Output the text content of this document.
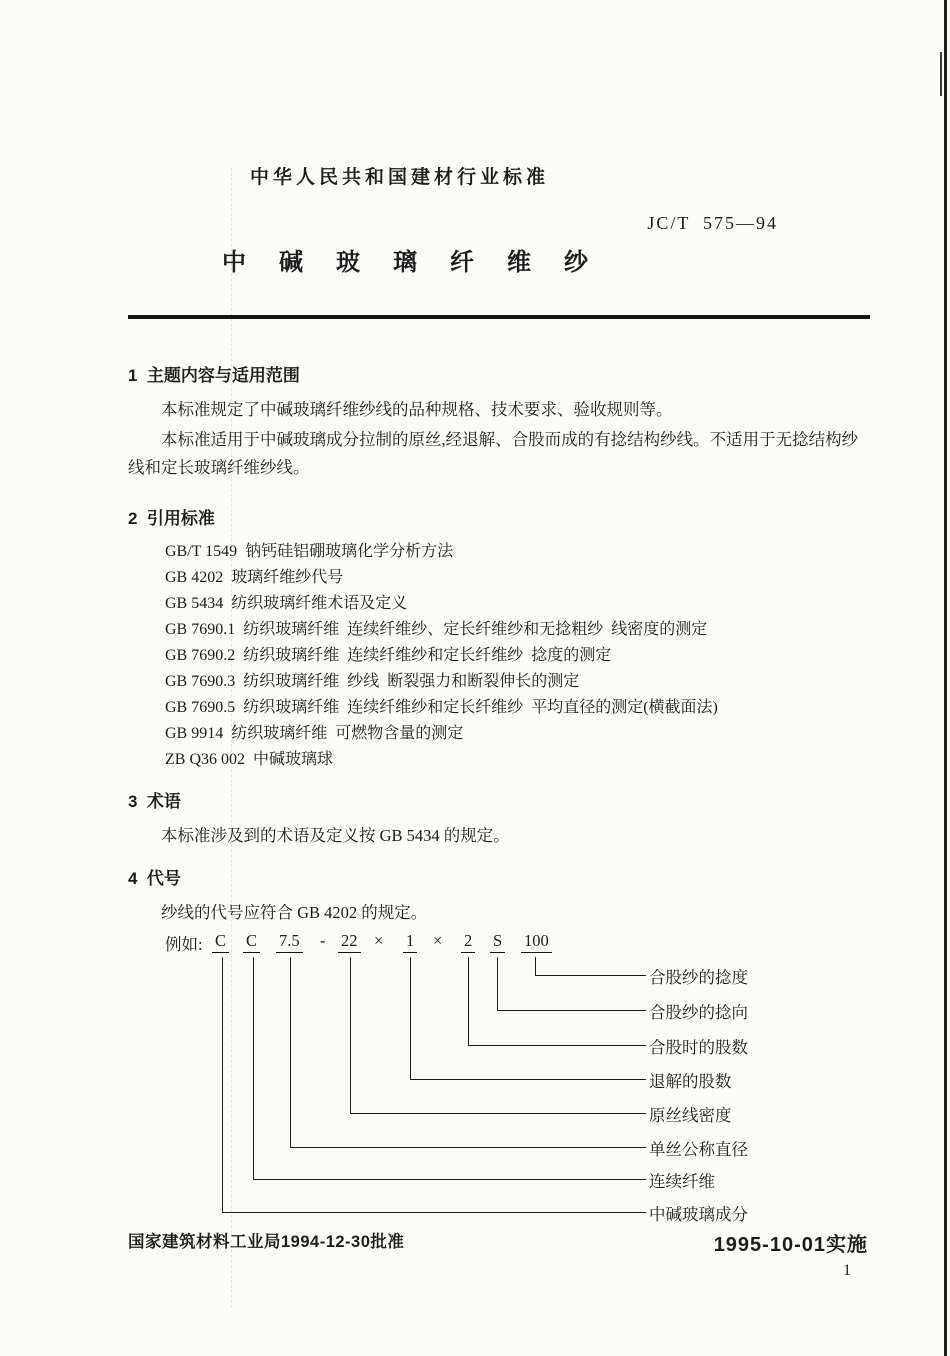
中华人民共和国建材行业标准
JC/T  575—94
中碱玻璃纤维纱
1  主题内容与适用范围
本标准规定了中碱玻璃纤维纱线的品种规格、技术要求、验收规则等。
本标准适用于中碱玻璃成分拉制的原丝,经退解、合股而成的有捻结构纱线。不适用于无捻结构纱线和定长玻璃纤维纱线。
2  引用标准
GB/T 1549  钠钙硅铝硼玻璃化学分析方法
GB 4202  玻璃纤维纱代号
GB 5434  纺织玻璃纤维术语及定义
GB 7690.1  纺织玻璃纤维  连续纤维纱、定长纤维纱和无捻粗纱  线密度的测定
GB 7690.2  纺织玻璃纤维  连续纤维纱和定长纤维纱  捻度的测定
GB 7690.3  纺织玻璃纤维  纱线  断裂强力和断裂伸长的测定
GB 7690.5  纺织玻璃纤维  连续纤维纱和定长纤维纱  平均直径的测定(横截面法)
GB 9914  纺织玻璃纤维  可燃物含量的测定
ZB Q36 002  中碱玻璃球
3  术语
本标准涉及到的术语及定义按 GB 5434 的规定。
4  代号
纱线的代号应符合 GB 4202 的规定。
例如: C C 7.5 - 22 × 1 × 2 S 100
合股纱的捻度
合股纱的捻向
合股时的股数
退解的股数
原丝线密度
单丝公称直径
连续纤维
中碱玻璃成分
国家建筑材料工业局1994-12-30批准	1995-10-01实施
1
